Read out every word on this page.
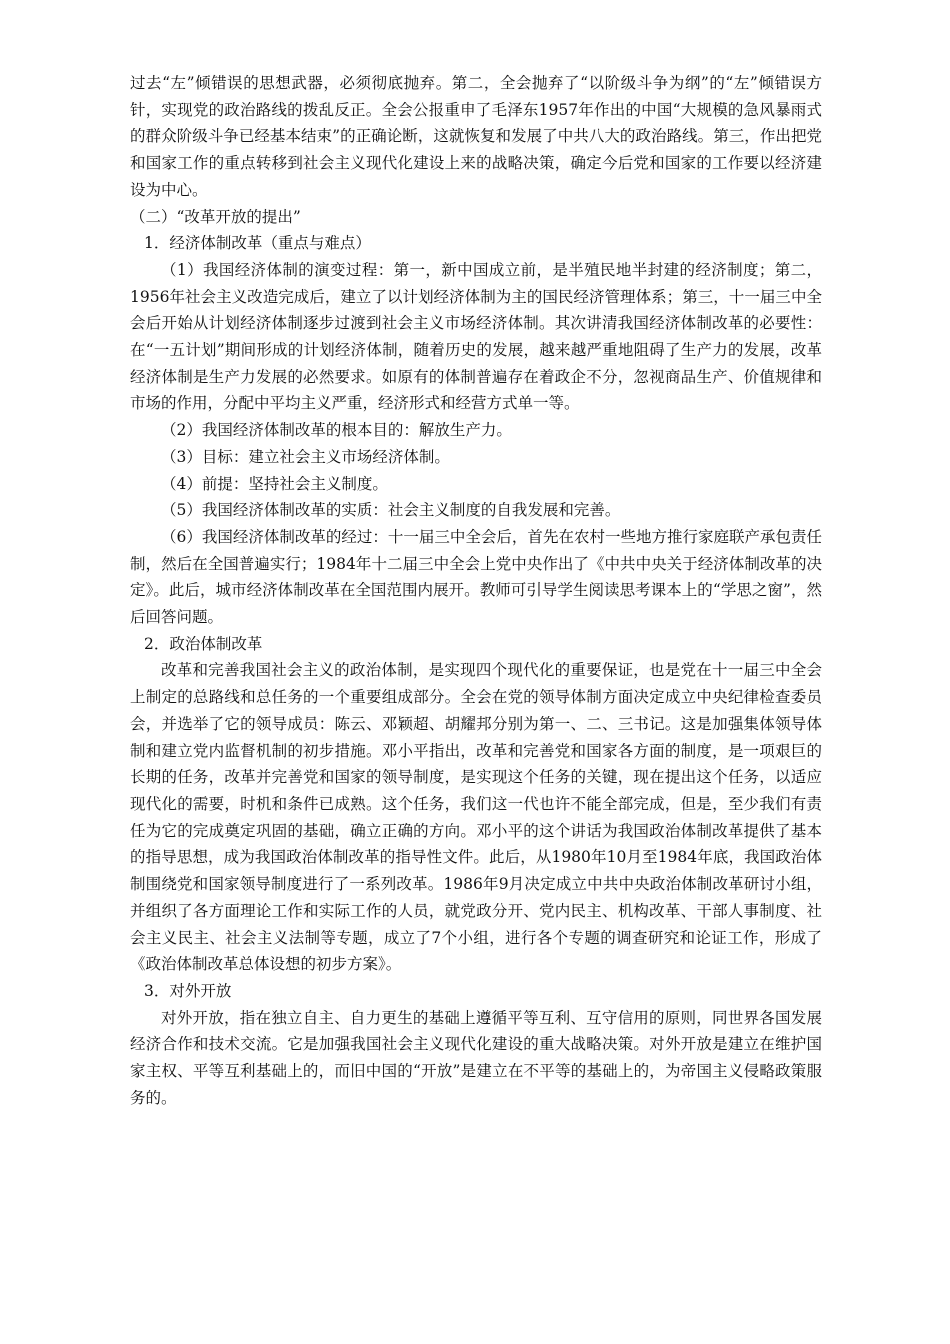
过去“左”倾错误的思想武器，必须彻底抛弃。第二，全会抛弃了“以阶级斗争为纲”的“左”倾错误方针，实现党的政治路线的拨乱反正。全会公报重申了毛泽东1957年作出的中国“大规模的急风暴雨式的群众阶级斗争已经基本结束”的正确论断，这就恢复和发展了中共八大的政治路线。第三，作出把党和国家工作的重点转移到社会主义现代化建设上来的战略决策，确定今后党和国家的工作要以经济建设为中心。

（二）“改革开放的提出”

1．经济体制改革（重点与难点）

（1）我国经济体制的演变过程：第一，新中国成立前，是半殖民地半封建的经济制度；第二，1956年社会主义改造完成后，建立了以计划经济体制为主的国民经济管理体系；第三，十一届三中全会后开始从计划经济体制逐步过渡到社会主义市场经济体制。其次讲清我国经济体制改革的必要性：在“一五计划”期间形成的计划经济体制，随着历史的发展，越来越严重地阻碍了生产力的发展，改革经济体制是生产力发展的必然要求。如原有的体制普遍存在着政企不分，忽视商品生产、价值规律和市场的作用，分配中平均主义严重，经济形式和经营方式单一等。

（2）我国经济体制改革的根本目的：解放生产力。

（3）目标：建立社会主义市场经济体制。

（4）前提：坚持社会主义制度。

（5）我国经济体制改革的实质：社会主义制度的自我发展和完善。

（6）我国经济体制改革的经过：十一届三中全会后，首先在农村一些地方推行家庭联产承包责任制，然后在全国普遍实行；1984年十二届三中全会上党中央作出了《中共中央关于经济体制改革的决定》。此后，城市经济体制改革在全国范围内展开。教师可引导学生阅读思考课本上的“学思之窗”，然后回答问题。

2．政治体制改革

改革和完善我国社会主义的政治体制，是实现四个现代化的重要保证，也是党在十一届三中全会上制定的总路线和总任务的一个重要组成部分。全会在党的领导体制方面决定成立中央纪律检查委员会，并选举了它的领导成员：陈云、邓颖超、胡耀邦分别为第一、二、三书记。这是加强集体领导体制和建立党内监督机制的初步措施。邓小平指出，改革和完善党和国家各方面的制度，是一项艰巨的长期的任务，改革并完善党和国家的领导制度，是实现这个任务的关键，现在提出这个任务，以适应现代化的需要，时机和条件已成熟。这个任务，我们这一代也许不能全部完成，但是，至少我们有责任为它的完成奠定巩固的基础，确立正确的方向。邓小平的这个讲话为我国政治体制改革提供了基本的指导思想，成为我国政治体制改革的指导性文件。此后，从1980年10月至1984年底，我国政治体制围绕党和国家领导制度进行了一系列改革。1986年9月决定成立中共中央政治体制改革研讨小组，并组织了各方面理论工作和实际工作的人员，就党政分开、党内民主、机构改革、干部人事制度、社会主义民主、社会主义法制等专题，成立了7个小组，进行各个专题的调查研究和论证工作，形成了《政治体制改革总体设想的初步方案》。

3．对外开放

对外开放，指在独立自主、自力更生的基础上遵循平等互利、互守信用的原则，同世界各国发展经济合作和技术交流。它是加强我国社会主义现代化建设的重大战略决策。对外开放是建立在维护国家主权、平等互利基础上的，而旧中国的“开放”是建立在不平等的基础上的，为帝国主义侵略政策服务的。
